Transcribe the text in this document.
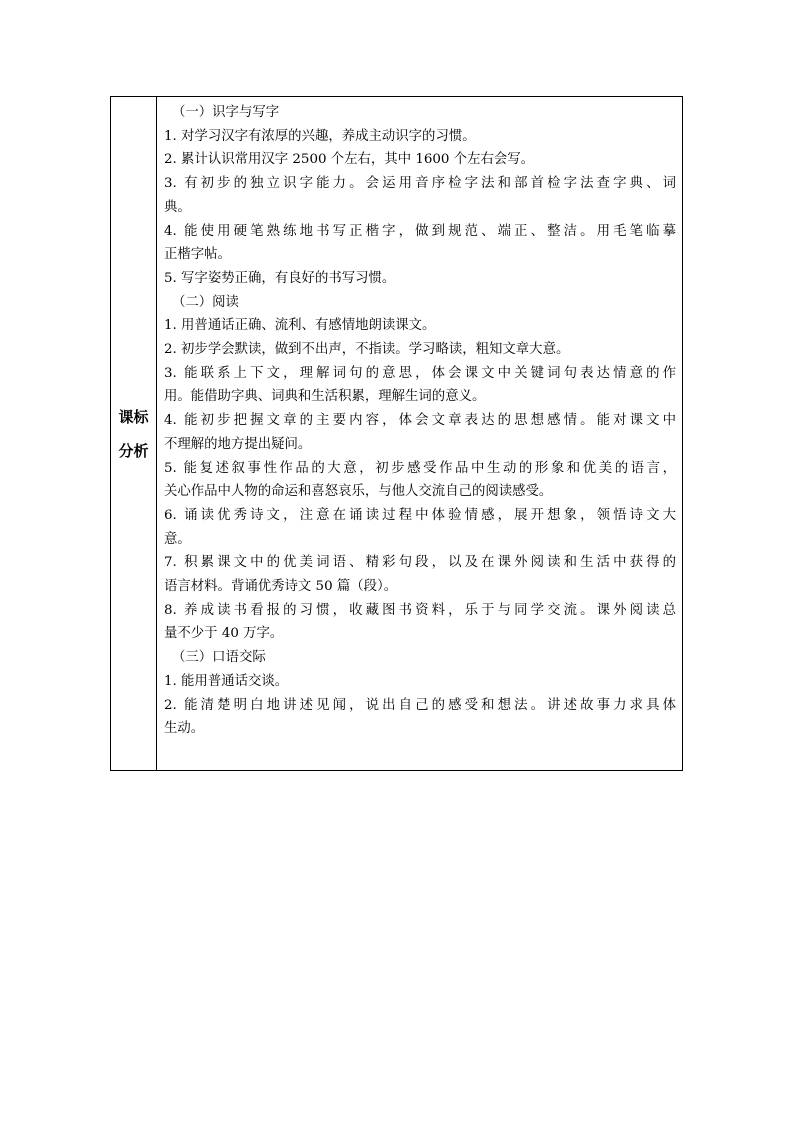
课标
分析
（一）识字与写字
1. 对学习汉字有浓厚的兴趣，养成主动识字的习惯。
2. 累计认识常用汉字 2500 个左右，其中 1600 个左右会写。
3. 有初步的独立识字能力。会运用音序检字法和部首检字法查字典、词
典。
4. 能使用硬笔熟练地书写正楷字，做到规范、端正、整洁。用毛笔临摹
正楷字帖。
5. 写字姿势正确，有良好的书写习惯。
（二）阅读
1. 用普通话正确、流利、有感情地朗读课文。
2. 初步学会默读，做到不出声，不指读。学习略读，粗知文章大意。
3. 能联系上下文，理解词句的意思，体会课文中关键词句表达情意的作
用。能借助字典、词典和生活积累，理解生词的意义。
4. 能初步把握文章的主要内容，体会文章表达的思想感情。能对课文中
不理解的地方提出疑问。
5. 能复述叙事性作品的大意，初步感受作品中生动的形象和优美的语言，
关心作品中人物的命运和喜怒哀乐，与他人交流自己的阅读感受。
6. 诵读优秀诗文，注意在诵读过程中体验情感，展开想象，领悟诗文大
意。
7. 积累课文中的优美词语、精彩句段，以及在课外阅读和生活中获得的
语言材料。背诵优秀诗文 50 篇（段）。
8. 养成读书看报的习惯，收藏图书资料，乐于与同学交流。课外阅读总
量不少于 40 万字。
（三）口语交际
1. 能用普通话交谈。
2. 能清楚明白地讲述见闻，说出自己的感受和想法。讲述故事力求具体
生动。
